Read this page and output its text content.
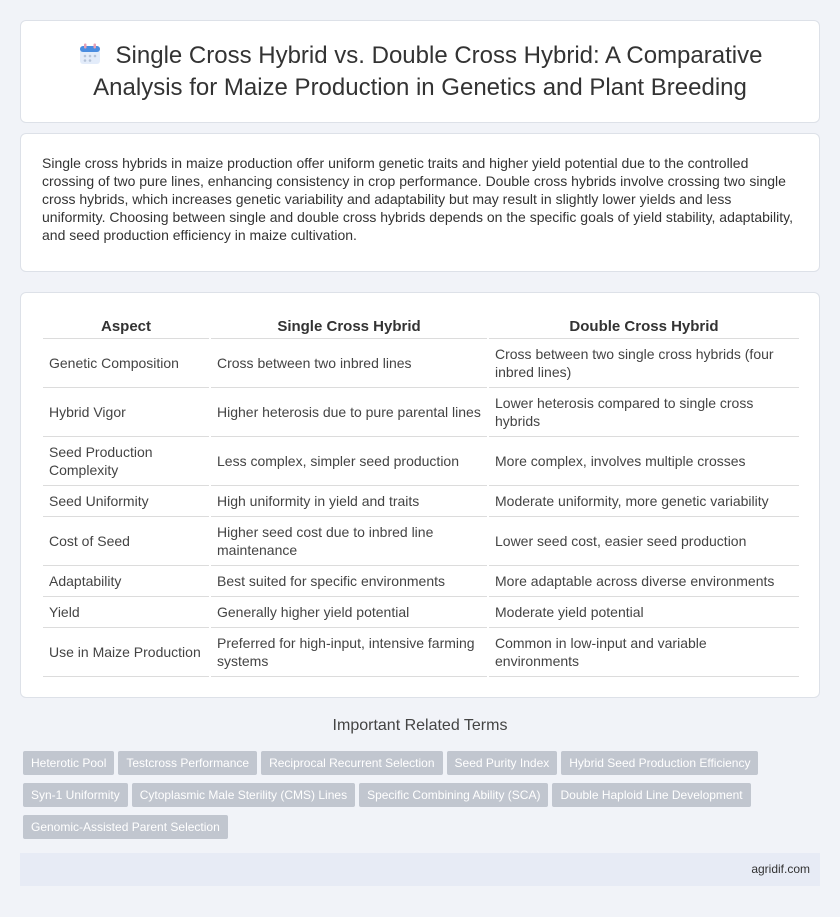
Single Cross Hybrid vs. Double Cross Hybrid: A Comparative Analysis for Maize Production in Genetics and Plant Breeding

Single cross hybrids in maize production offer uniform genetic traits and higher yield potential due to the controlled crossing of two pure lines, enhancing consistency in crop performance. Double cross hybrids involve crossing two single cross hybrids, which increases genetic variability and adaptability but may result in slightly lower yields and less uniformity. Choosing between single and double cross hybrids depends on the specific goals of yield stability, adaptability, and seed production efficiency in maize cultivation.

Aspect	Single Cross Hybrid	Double Cross Hybrid
Genetic Composition	Cross between two inbred lines	Cross between two single cross hybrids (four inbred lines)
Hybrid Vigor	Higher heterosis due to pure parental lines	Lower heterosis compared to single cross hybrids
Seed Production Complexity	Less complex, simpler seed production	More complex, involves multiple crosses
Seed Uniformity	High uniformity in yield and traits	Moderate uniformity, more genetic variability
Cost of Seed	Higher seed cost due to inbred line maintenance	Lower seed cost, easier seed production
Adaptability	Best suited for specific environments	More adaptable across diverse environments
Yield	Generally higher yield potential	Moderate yield potential
Use in Maize Production	Preferred for high-input, intensive farming systems	Common in low-input and variable environments
Important Related Terms
Heterotic Pool Testcross Performance Reciprocal Recurrent Selection Seed Purity Index Hybrid Seed Production Efficiency
Syn-1 Uniformity Cytoplasmic Male Sterility (CMS) Lines Specific Combining Ability (SCA) Double Haploid Line Development
Genomic-Assisted Parent Selection
agridif.com
